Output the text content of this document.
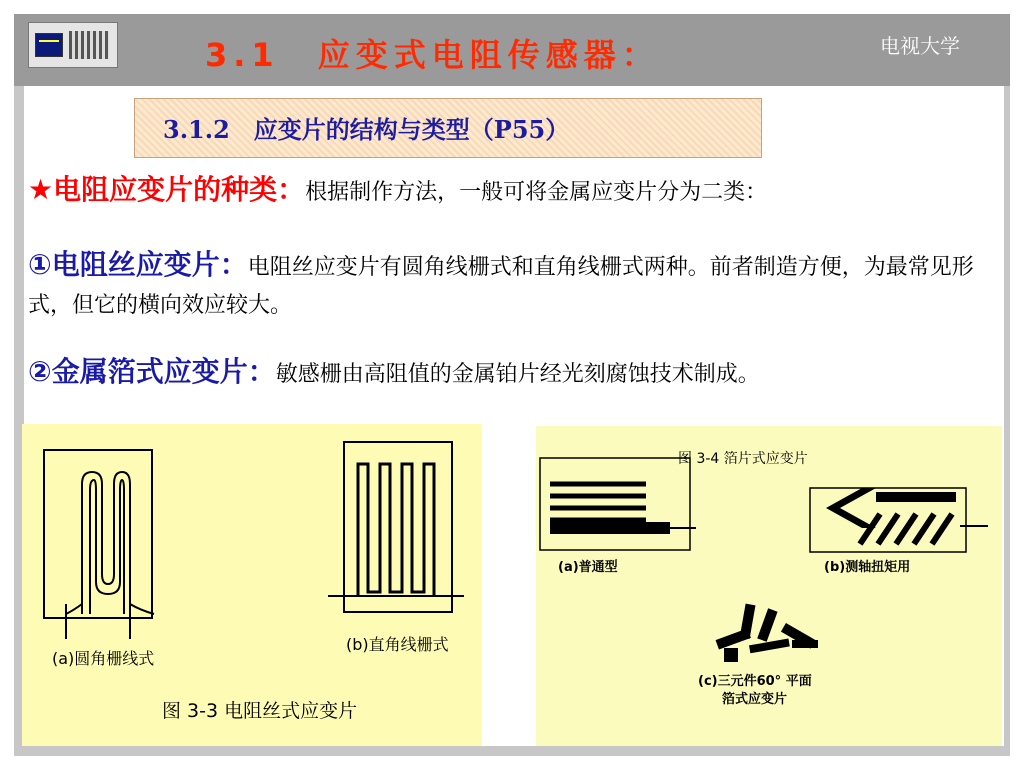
3.1　应变式电阻传感器：	电视大学
3.1.2　应变片的结构与类型（P55）
★电阻应变片的种类：根据制作方法，一般可将金属应变片分为二类：
①电阻丝应变片：电阻丝应变片有圆角线栅式和直角线栅式两种。前者制造方便，为最常见形式，但它的横向效应较大。
②金属箔式应变片：敏感栅由高阻值的金属铂片经光刻腐蚀技术制成。
(a)圆角栅线式
(b)直角线栅式
图 3-3 电阻丝式应变片
图 3-4 箔片式应变片
(a)普通型	(b)测轴扭矩用
(c)三元件60° 平面
箔式应变片
